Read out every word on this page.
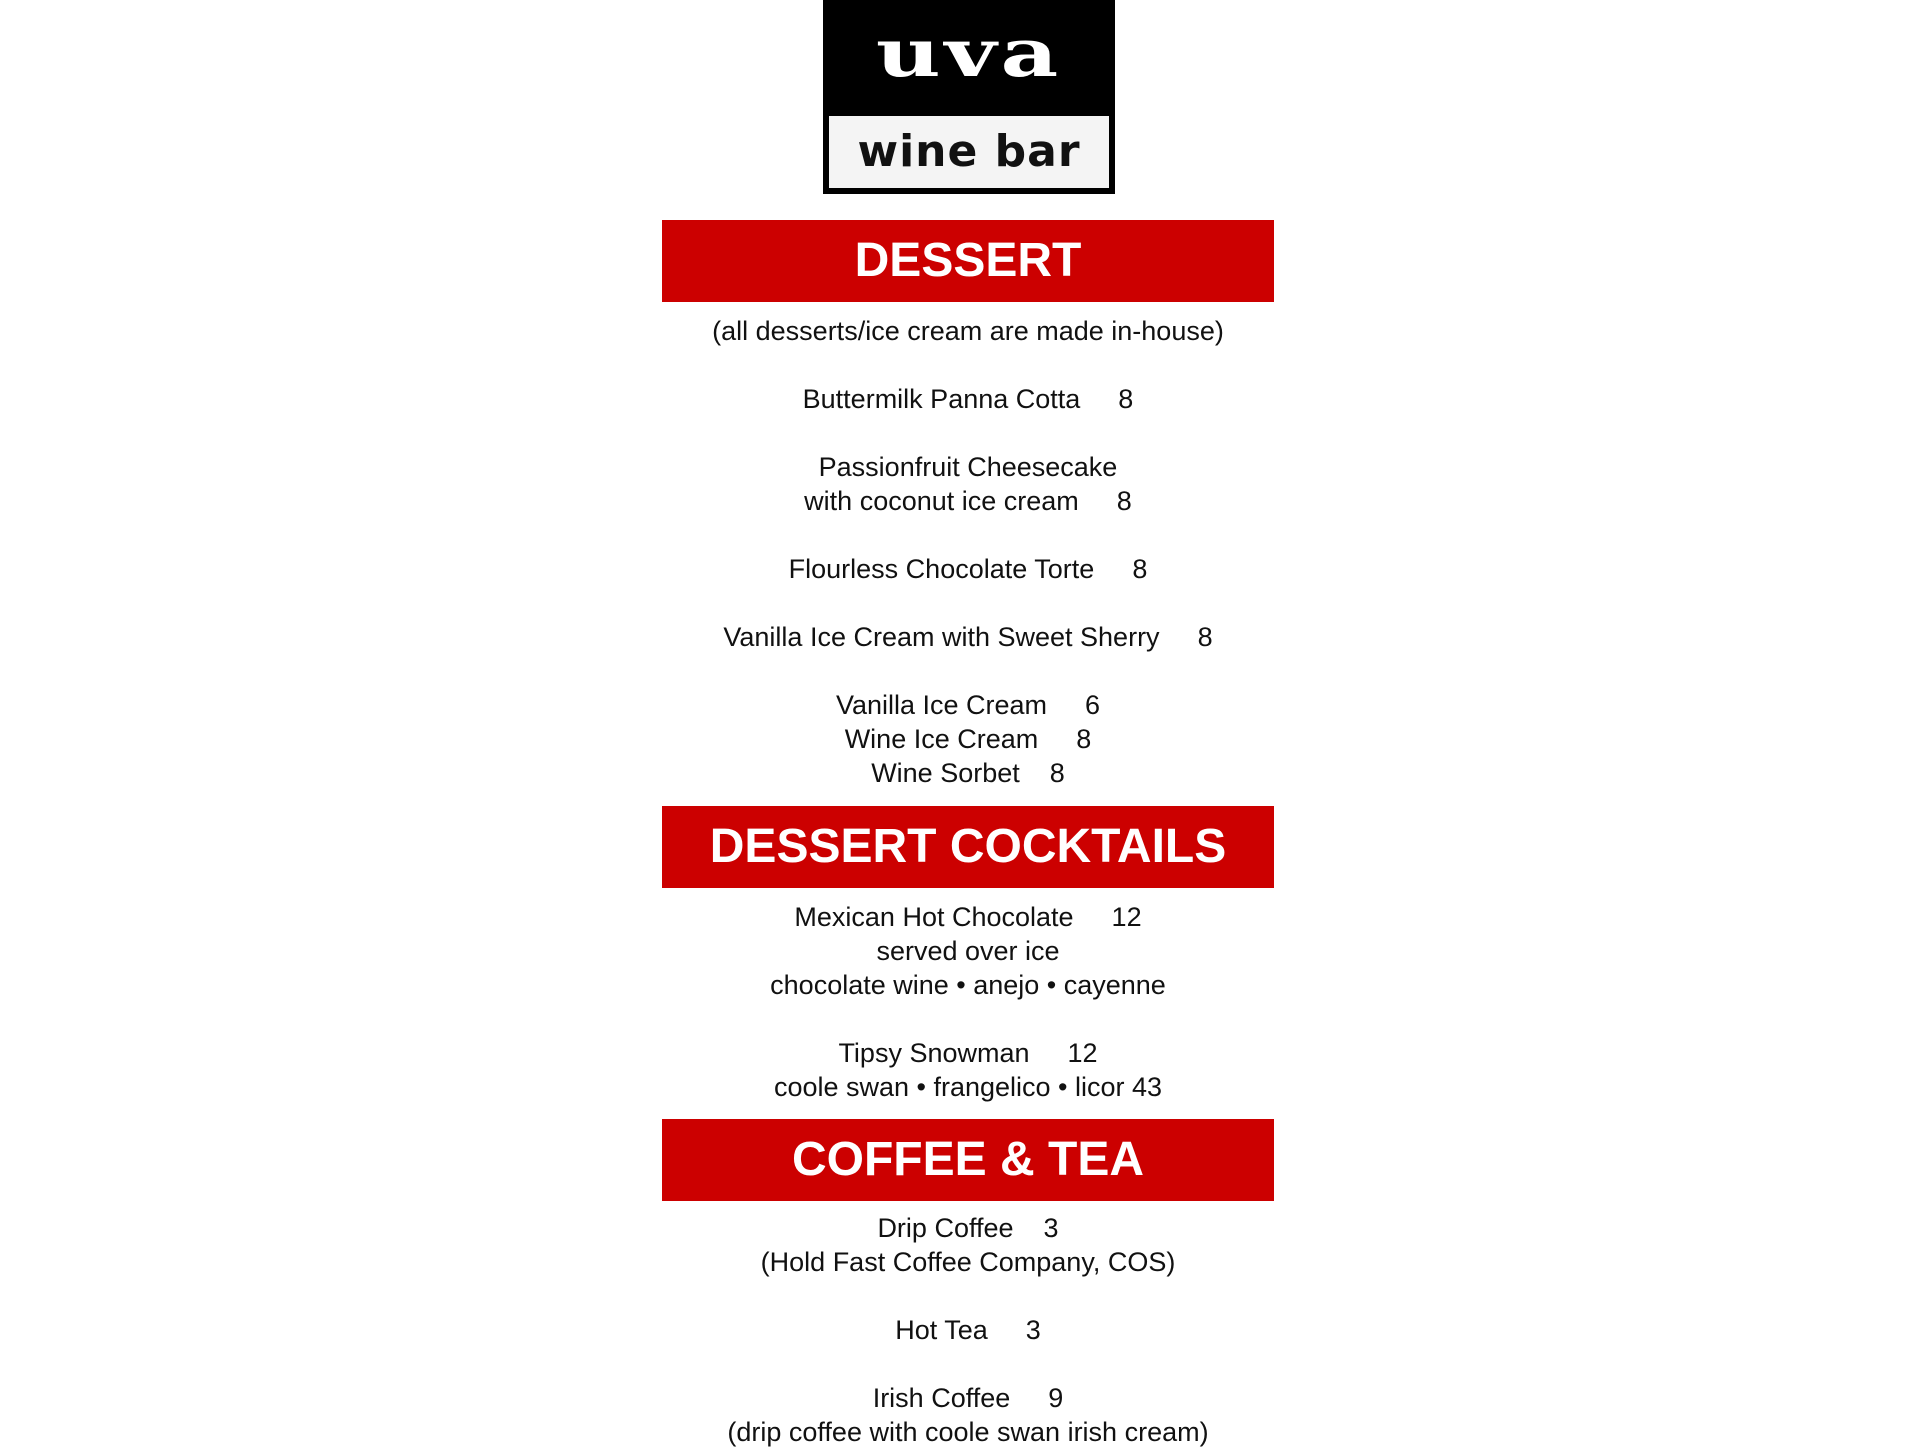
uva
wine bar
DESSERT
(all desserts/ice cream are made in-house)
Buttermilk Panna Cotta 8
Passionfruit Cheesecake
with coconut ice cream 8
Flourless Chocolate Torte 8
Vanilla Ice Cream with Sweet Sherry 8
Vanilla Ice Cream 6
Wine Ice Cream 8
Wine Sorbet 8
DESSERT COCKTAILS
Mexican Hot Chocolate 12
served over ice
chocolate wine • anejo • cayenne
Tipsy Snowman 12
coole swan • frangelico • licor 43
COFFEE & TEA
Drip Coffee 3
(Hold Fast Coffee Company, COS)
Hot Tea 3
Irish Coffee 9
(drip coffee with coole swan irish cream)
